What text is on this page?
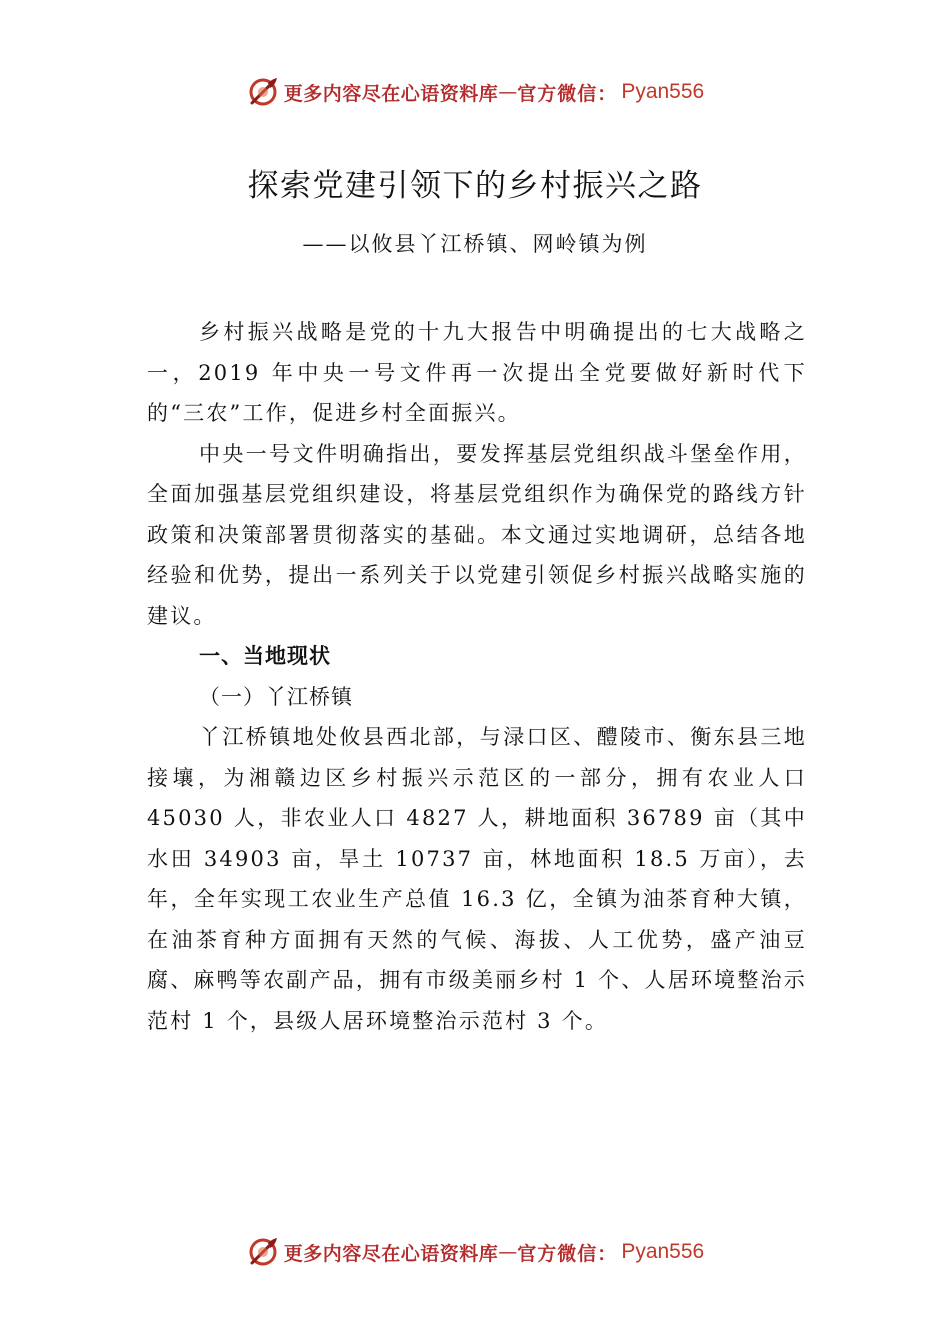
更多内容尽在心语资料库 — 官方微信： Pyan556
探索党建引领下的乡村振兴之路
——以攸县丫江桥镇、网岭镇为例

乡村振兴战略是党的十九大报告中明确提出的七大战略之一，2019 年中央一号文件再一次提出全党要做好新时代下的“三农”工作，促进乡村全面振兴。

中央一号文件明确指出，要发挥基层党组织战斗堡垒作用，全面加强基层党组织建设，将基层党组织作为确保党的路线方针政策和决策部署贯彻落实的基础。本文通过实地调研，总结各地经验和优势，提出一系列关于以党建引领促乡村振兴战略实施的建议。

一、当地现状

（一）丫江桥镇

丫江桥镇地处攸县西北部，与渌口区、醴陵市、衡东县三地接壤，为湘赣边区乡村振兴示范区的一部分，拥有农业人口 45030 人，非农业人口 4827 人，耕地面积 36789 亩（其中水田 34903 亩，旱土 10737 亩，林地面积 18.5 万亩），去年，全年实现工农业生产总值 16.3 亿，全镇为油茶育种大镇，在油茶育种方面拥有天然的气候、海拔、人工优势，盛产油豆腐、麻鸭等农副产品，拥有市级美丽乡村 1 个、人居环境整治示范村 1 个，县级人居环境整治示范村 3 个。

更多内容尽在心语资料库 — 官方微信： Pyan556
